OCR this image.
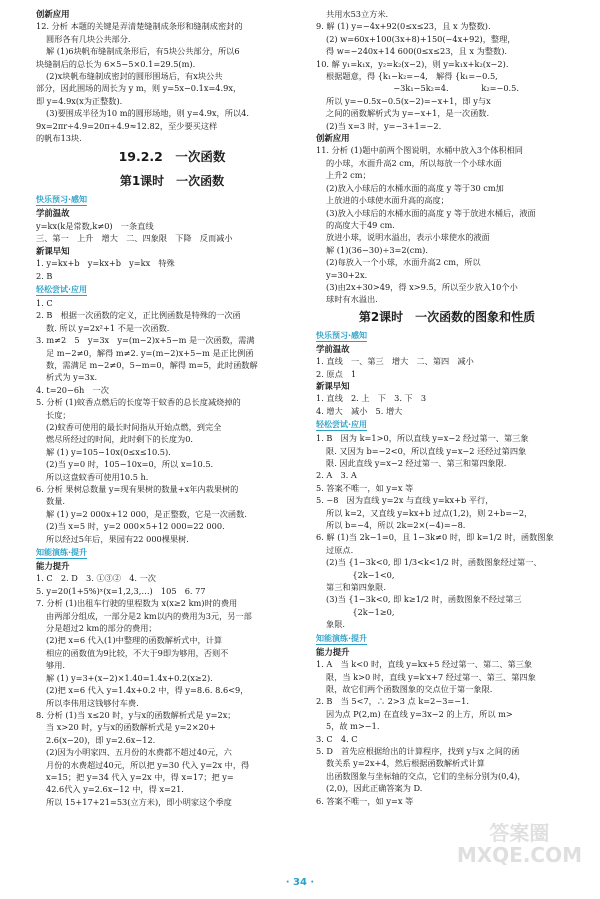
创新应用
12. 分析 本题的关键是弄清楚缝制成条形和缝制成密封的
圆形各有几块公共部分.
解 (1)6块帆布缝制成条形后，有5块公共部分，所以6
块缝制后的总长为 6×5−5×0.1=29.5(m).
(2)x块帆布缝制成密封的圆形围场后，有x块公共
部分，因此围场的周长为 y m，则 y=5x−0.1x=4.9x，
即 y=4.9x(x为正整数).
(3)要围成半径为10 m的圆形场地，则 y=4.9x，所以4.
9x=2πr÷4.9=20π÷4.9≈12.82，至少要买这样
的帆布13块.
19.2.2　一次函数
第1课时　一次函数
快乐预习·感知

学前温故
y=kx(k是常数,k≠0)　一条直线
三、第一　上升　增大　二、四象限　下降　反而减小
新课早知
1. y=kx+b　y=kx+b　y=kx　特殊
2. B
轻松尝试·应用

1. C
2. B　根据一次函数的定义，正比例函数是特殊的一次函
数. 所以 y=2x²+1 不是一次函数.
3. m≠2　5　y=3x　y=(m−2)x+5−m 是一次函数，需满
足 m−2≠0，解得 m≠2. y=(m−2)x+5−m 是正比例函
数，需满足 m−2≠0，5−m=0，解得 m=5，此时函数解
析式为 y=3x.
4. t=20−6h　一次
5. 分析 (1)蚊香点燃后的长度等于蚊香的总长度减烧掉的
长度；
(2)蚊香可使用的最长时间指从开始点燃，到完全
燃尽所经过的时间，此时剩下的长度为0.
解 (1) y=105−10x(0≤x≤10.5).
(2)当 y=0 时，105−10x=0，所以 x=10.5.
所以这盘蚊香可使用10.5 h.
6. 分析 果树总数量 y=现有果树的数量+x年内栽果树的
数量.
解 (1) y=2 000x+12 000，是正整数，它是一次函数.
(2)当 x=5 时，y=2 000×5+12 000=22 000.
所以经过5年后，果园有22 000棵果树.
知能演练·提升

能力提升
1. C　2. D　3. ①③②　4. 一次
5. y=20(1+5%)ˣ(x=1,2,3,…)　105　6. 77
7. 分析 (1)出租车行驶的里程数为 x(x≥2 km)时的费用
由两部分组成，一部分是2 km以内的费用为3元，另一部
分是超过2 km的部分的费用；
(2)把 x=6 代入(1)中整理的函数解析式中，计算
相应的函数值为9比较，不大于9即为够用，否则不
够用.
解 (1) y=3+(x−2)×1.40=1.4x+0.2(x≥2).
(2)把 x=6 代入 y=1.4x+0.2 中，得 y=8.6. 8.6<9，
所以李伟用这钱够付车费.
8. 分析 (1)当 x≤20 时，y与x的函数解析式是 y=2x；
当 x>20 时，y与x的函数解析式是 y=2×20+
2.6(x−20)，即 y=2.6x−12.
(2)因为小明家四、五月份的水费都不超过40元，六
月份的水费超过40元，所以把 y=30 代入 y=2x 中，得
x=15；把 y=34 代入 y=2x 中，得 x=17；把 y=
42.6代入 y=2.6x−12 中，得 x=21.
所以 15+17+21=53(立方米)，即小明家这个季度
共用水53立方米.
9. 解 (1) y=−4x+92(0≤x≤23，且 x 为整数).
(2) w=60x+100(3x+8)+150(−4x+92)，整理，
得 w=−240x+14 600(0≤x≤23，且 x 为整数).
10. 解 y₁=k₁x，y₂=k₂(x−2)，则 y=k₁x+k₂(x−2).
根据题意，得 {k₁−k₂=−4,　解得 {k₁=−0.5,
　　　　　　　−3k₁−5k₂=4.　　　　k₂=−0.5.
所以 y=−0.5x−0.5(x−2)=−x+1，即 y与x
之间的函数解析式为 y=−x+1，是一次函数.
(2)当 x=3 时，y=−3+1=−2.
创新应用
11. 分析 (1)题中前两个图说明，水桶中放入3个体积相同
的小球，水面升高2 cm，所以每放一个小球水面
上升2 cm；
(2)放入小球后的水桶水面的高度 y 等于30 cm加
上放进的小球使水面升高的高度；
(3)放入小球后的水桶水面的高度 y 等于放进水桶后，液面
的高度大于49 cm.
放进小球，说明水溢出，表示小球使水的液面
解 (1)(36−30)÷3=2(cm).
(2)每放入一个小球，水面升高2 cm，所以
y=30+2x.
(3)由2x+30>49，得 x>9.5，所以至少放入10个小
球时有水溢出.
第2课时　一次函数的图象和性质
快乐预习·感知

学前温故
1. 直线　一、第三　增大　二、第四　减小
2. 原点　1
新课早知
1. 直线　2. 上　下　3. 下　3
4. 增大　减小　5. 增大
轻松尝试·应用

1. B　因为 k=1>0，所以直线 y=x−2 经过第一、第三象
限. 又因为 b=−2<0，所以直线 y=x−2 还经过第四象
限. 因此直线 y=x−2 经过第一、第三和第四象限.
2. A　3. A
5. 答案不唯一，如 y=x 等
5. −8　因为直线 y=2x 与直线 y=kx+b 平行，
所以 k=2，又直线 y=kx+b 过点(1,2)，则 2+b=−2，
所以 b=−4，所以 2k=2×(−4)=−8.
6. 解 (1)当 2k−1=0，且 1−3k≠0 时，即 k=1/2 时，函数图象
过原点.
(2)当 {1−3k<0, 即 1/3<k<1/2 时，函数图象经过第一、
　　{2k−1<0,
第三和第四象限.
(3)当 {1−3k<0, 即 k≥1/2 时，函数图象不经过第三
　　{2k−1≥0,
象限.
知能演练·提升

能力提升
1. A　当 k<0 时，直线 y=kx+5 经过第一、第二、第三象
限，当 k>0 时，直线 y=k′x+7 经过第一、第三、第四象
限，故它们两个函数图象的交点位于第一象限.
2. B　当 5<7，∴ 2>3 点 k=2−3=−1.
因为点 P(2,m) 在直线 y=3x−2 的上方，所以 m>
5，故 m>−1.
3. C　4. C
5. D　首先应根据给出的计算程序，找到 y与x 之间的函
数关系 y=2x+4，然后根据函数解析式计算
出函数图象与坐标轴的交点，它们的坐标分别为(0,4)，
(2,0)，因此正确答案为 D.
6. 答案不唯一，如 y=x 等
· 34 ·
答案圈
MXQE.COM
